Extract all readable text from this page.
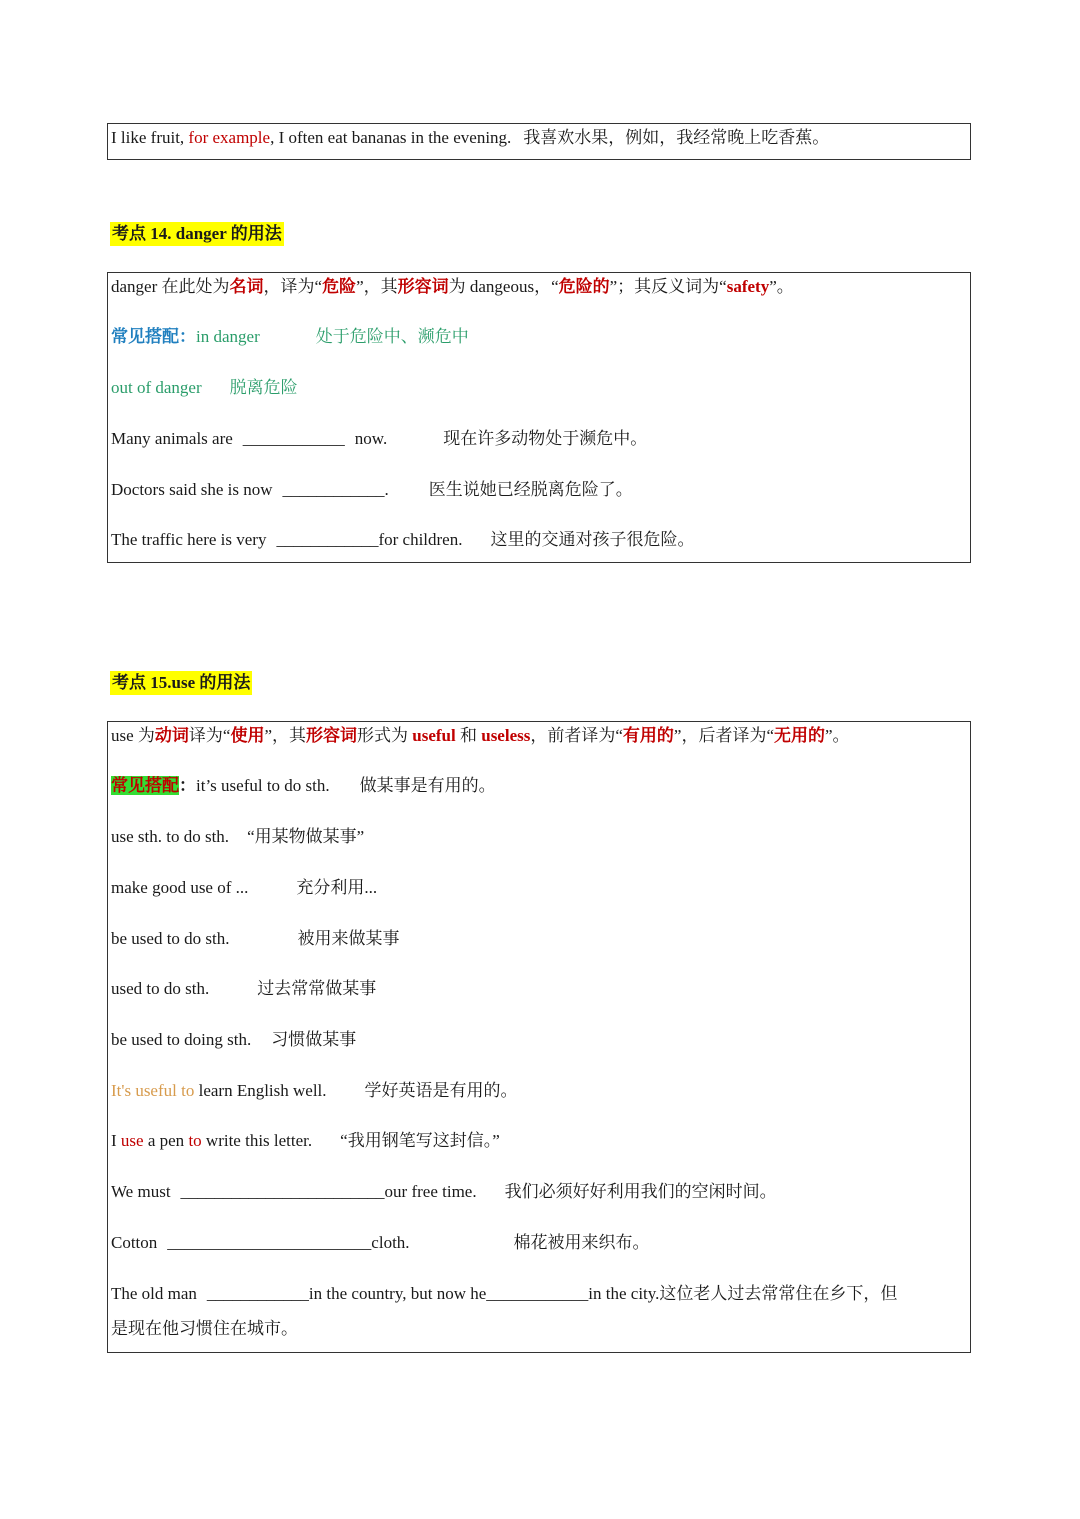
I like fruit, for example, I often eat bananas in the evening. 我喜欢水果，例如，我经常晚上吃香蕉。
考点 14. danger 的用法
danger 在此处为名词，译为“危险”，其形容词为 dangeous，“危险的”；其反义词为“safety”。
常见搭配：in danger	处于危险中、濒危中
out of danger 脱离危险
Many animals are ____________ now.	现在许多动物处于濒危中。
Doctors said she is now ____________. 医生说她已经脱离危险了。
The traffic here is very ____________for children. 这里的交通对孩子很危险。
考点 15.use 的用法
use 为动词译为“使用”，其形容词形式为 useful 和 useless，前者译为“有用的”，后者译为“无用的”。
常见搭配：it’s useful to do sth. 做某事是有用的。
use sth. to do sth. “用某物做某事”
make good use of ...	充分利用...
be used to do sth.	被用来做某事
used to do sth.	过去常常做某事
be used to doing sth. 习惯做某事
It's useful to learn English well. 学好英语是有用的。
I use a pen to write this letter. “我用钢笔写这封信。”
We must ________________________our free time. 我们必须好好利用我们的空闲时间。
Cotton ________________________cloth.	棉花被用来织布。
The old man ____________in the country, but now he____________in the city.这位老人过去常常住在乡下，但
是现在他习惯住在城市。
